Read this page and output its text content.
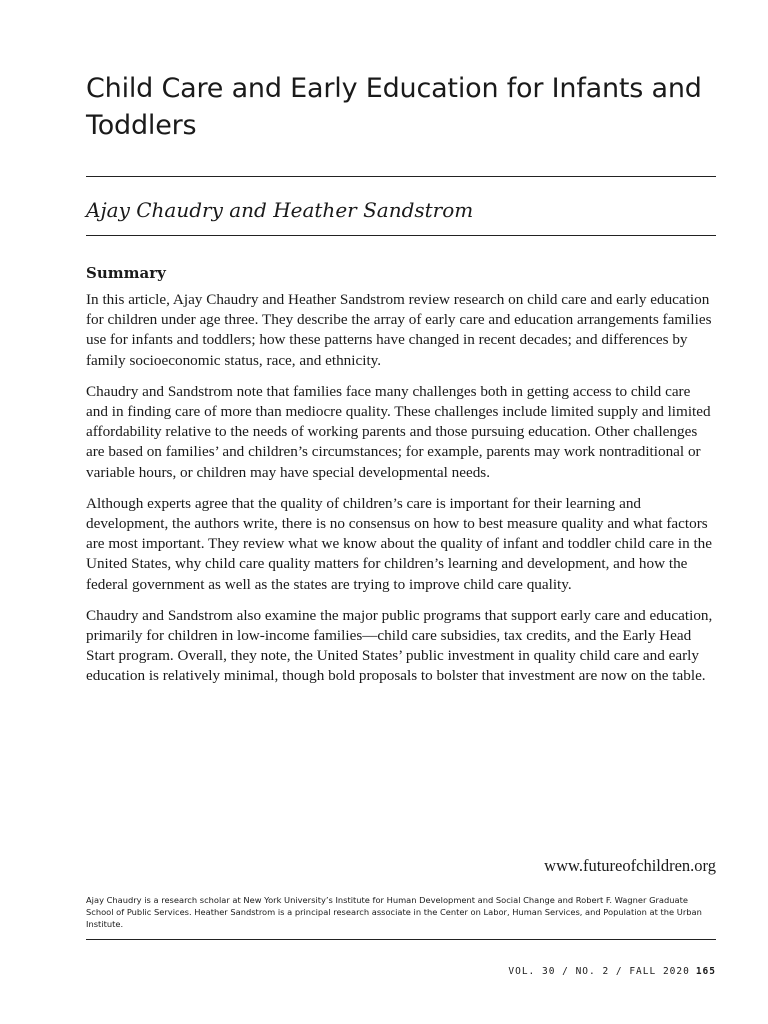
Child Care and Early Education for Infants and Toddlers

Ajay Chaudry and Heather Sandstrom

Summary

In this article, Ajay Chaudry and Heather Sandstrom review research on child care and early education for children under age three. They describe the array of early care and education arrangements families use for infants and toddlers; how these patterns have changed in recent decades; and differences by family socioeconomic status, race, and ethnicity.

Chaudry and Sandstrom note that families face many challenges both in getting access to child care and in finding care of more than mediocre quality. These challenges include limited supply and limited affordability relative to the needs of working parents and those pursuing education. Other challenges are based on families’ and children’s circumstances; for example, parents may work nontraditional or variable hours, or children may have special developmental needs.

Although experts agree that the quality of children’s care is important for their learning and development, the authors write, there is no consensus on how to best measure quality and what factors are most important. They review what we know about the quality of infant and toddler child care in the United States, why child care quality matters for children’s learning and development, and how the federal government as well as the states are trying to improve child care quality.

Chaudry and Sandstrom also examine the major public programs that support early care and education, primarily for children in low-income families—child care subsidies, tax credits, and the Early Head Start program. Overall, they note, the United States’ public investment in quality child care and early education is relatively minimal, though bold proposals to bolster that investment are now on the table.

www.futureofchildren.org

Ajay Chaudry is a research scholar at New York University’s Institute for Human Development and Social Change and Robert F. Wagner Graduate School of Public Services. Heather Sandstrom is a principal research associate in the Center on Labor, Human Services, and Population at the Urban Institute.

VOL. 30 / NO. 2 / FALL 2020 165
